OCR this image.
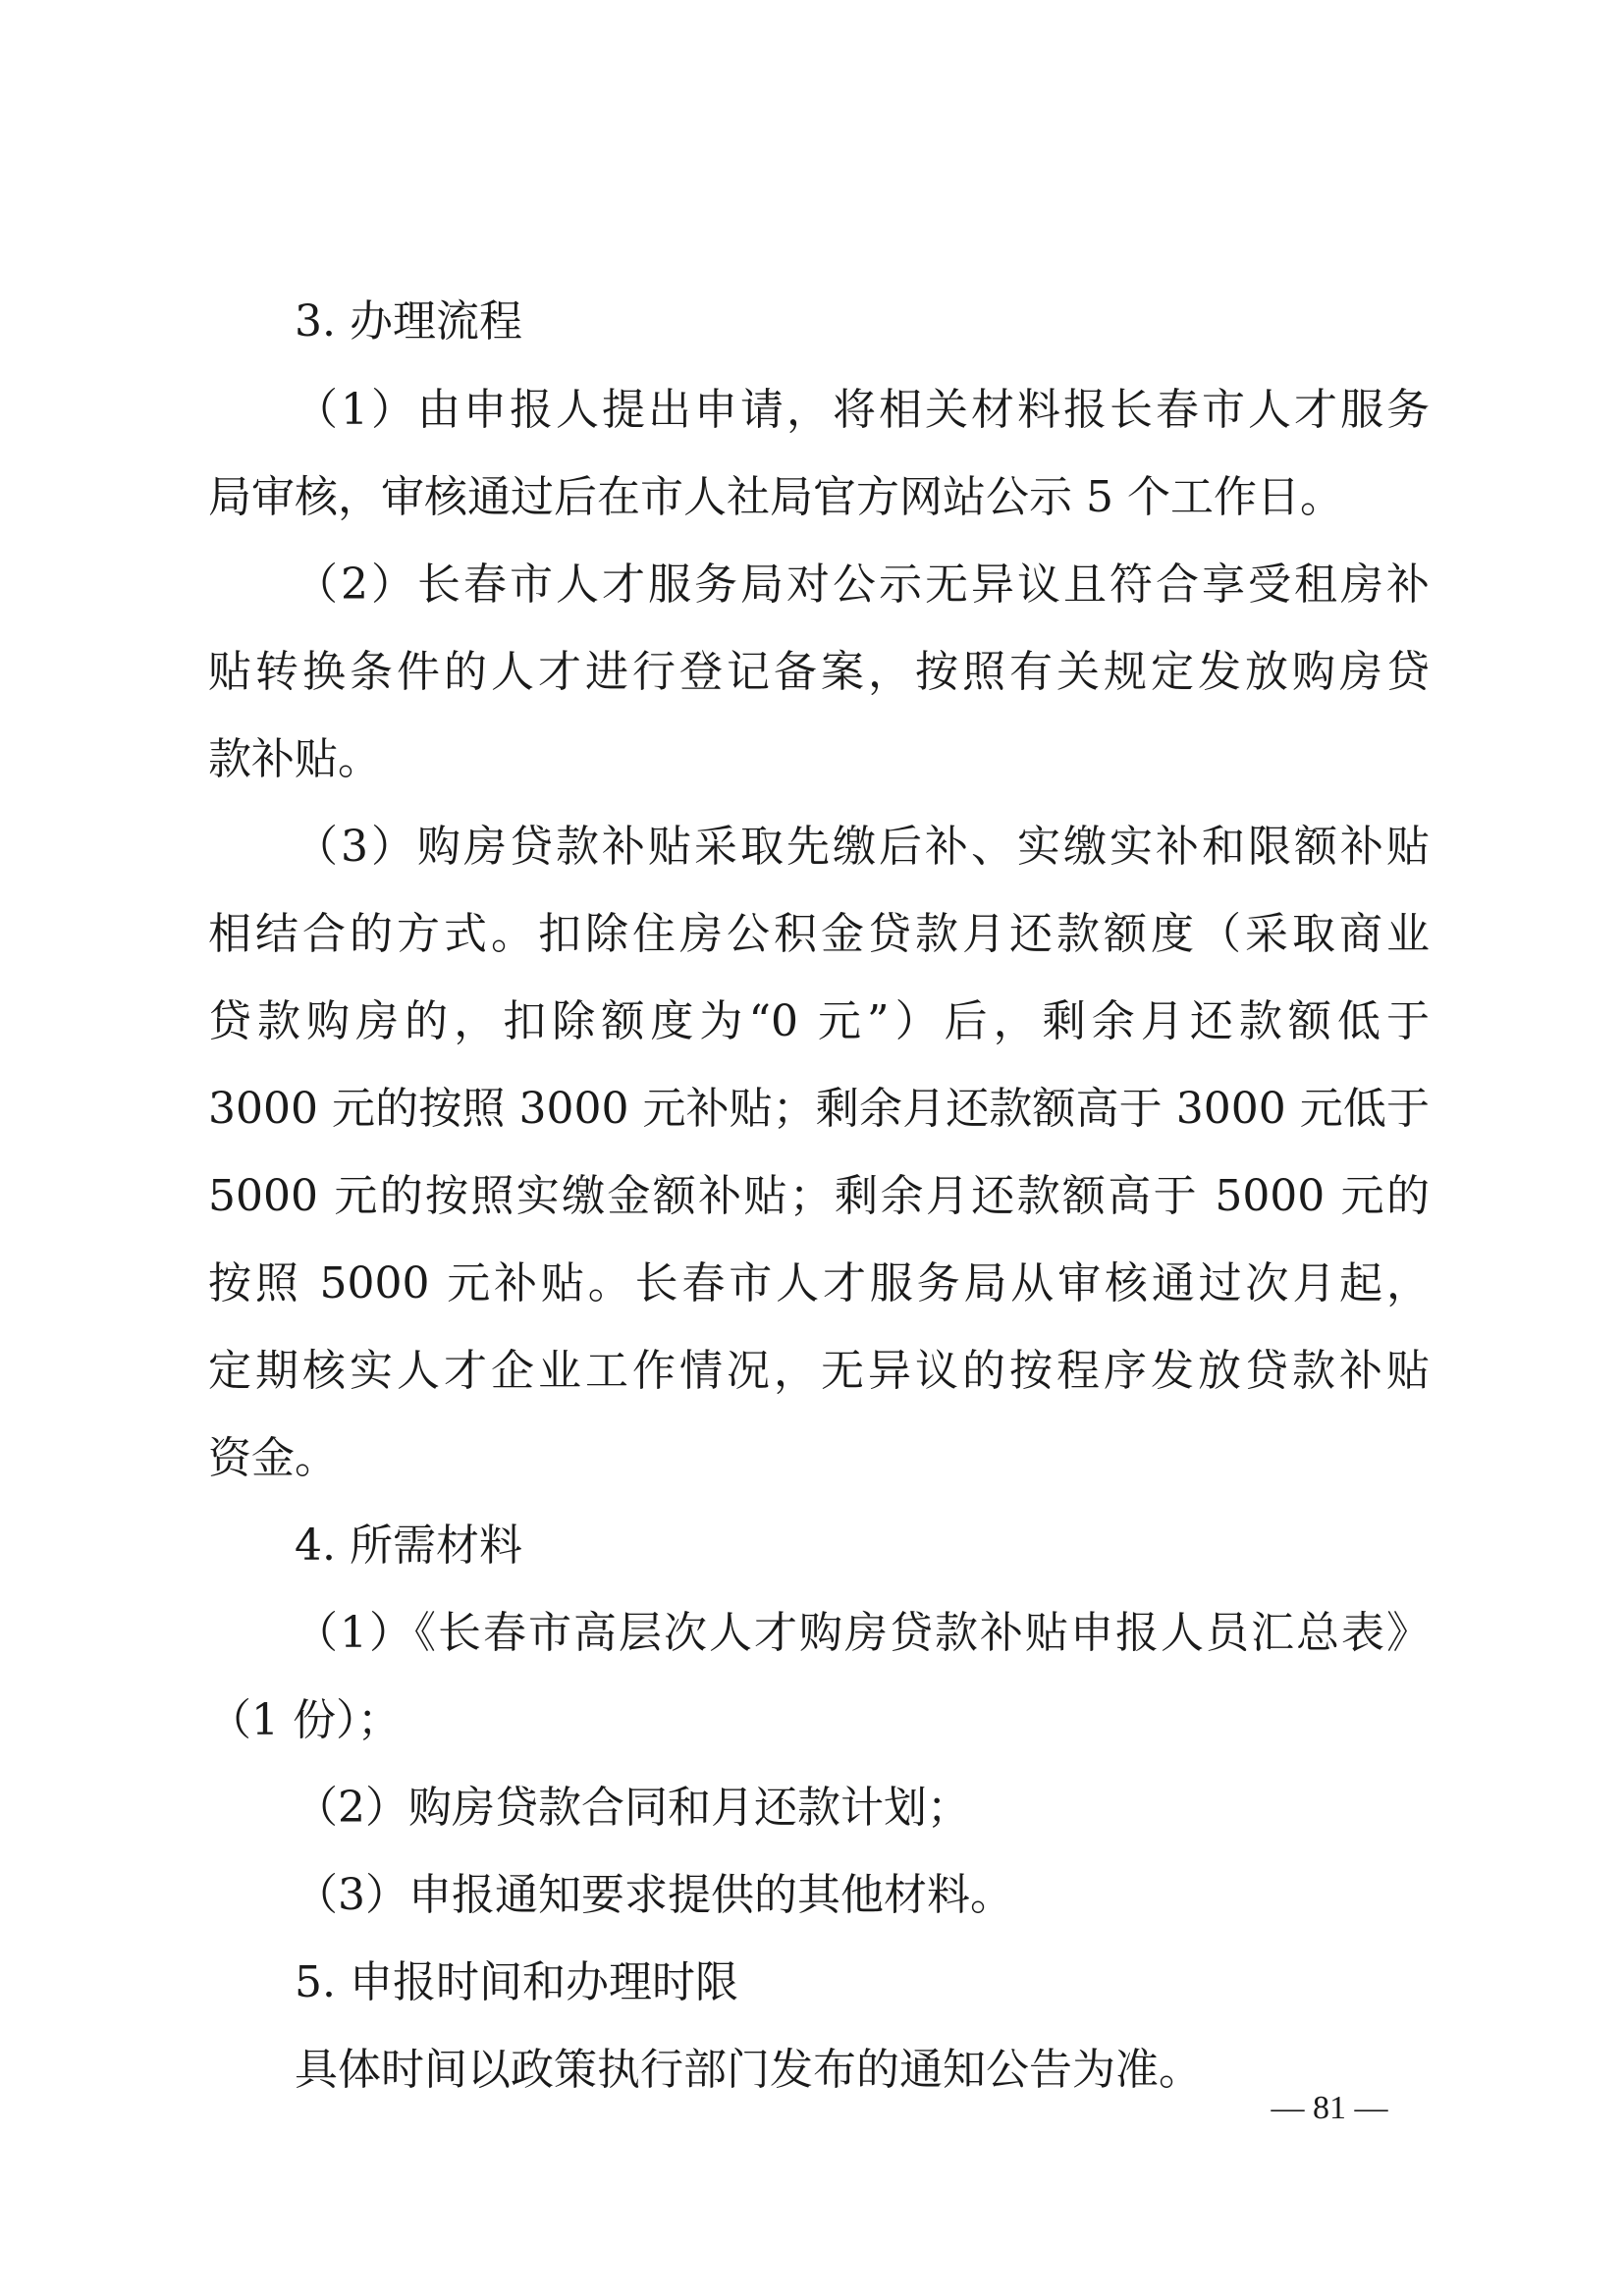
3. 办理流程
（1）由申报人提出申请，将相关材料报长春市人才服务
局审核，审核通过后在市人社局官方网站公示 5 个工作日。
（2）长春市人才服务局对公示无异议且符合享受租房补
贴转换条件的人才进行登记备案，按照有关规定发放购房贷
款补贴。
（3）购房贷款补贴采取先缴后补、实缴实补和限额补贴
相结合的方式。扣除住房公积金贷款月还款额度（采取商业
贷款购房的，扣除额度为“0 元”）后，剩余月还款额低于
3000 元的按照 3000 元补贴；剩余月还款额高于 3000 元低于
5000 元的按照实缴金额补贴；剩余月还款额高于 5000 元的
按照 5000 元补贴。长春市人才服务局从审核通过次月起，
定期核实人才企业工作情况，无异议的按程序发放贷款补贴
资金。
4. 所需材料
（1）《长春市高层次人才购房贷款补贴申报人员汇总表》
（1 份）；
（2）购房贷款合同和月还款计划；
（3）申报通知要求提供的其他材料。
5. 申报时间和办理时限
具体时间以政策执行部门发布的通知公告为准。
— 81 —
